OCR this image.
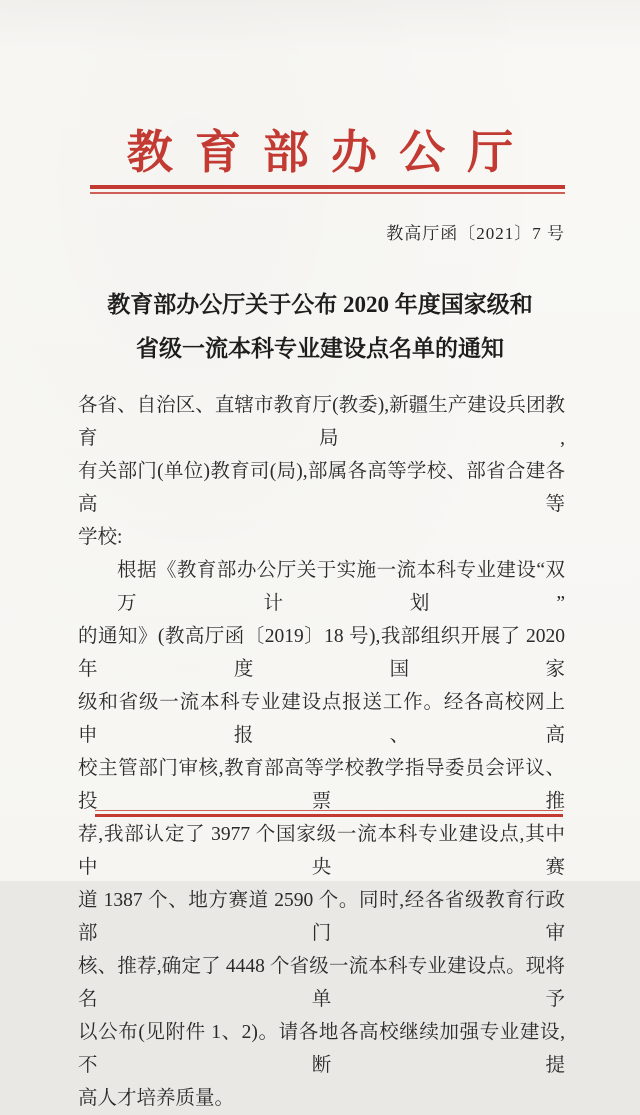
教育部办公厅
教高厅函〔2021〕7 号
教育部办公厅关于公布 2020 年度国家级和
省级一流本科专业建设点名单的通知
各省、自治区、直辖市教育厅(教委),新疆生产建设兵团教育局,
有关部门(单位)教育司(局),部属各高等学校、部省合建各高等
学校:
根据《教育部办公厅关于实施一流本科专业建设“双万计划”
的通知》(教高厅函〔2019〕18 号),我部组织开展了 2020 年度国家
级和省级一流本科专业建设点报送工作。经各高校网上申报、高
校主管部门审核,教育部高等学校教学指导委员会评议、投票推
荐,我部认定了 3977 个国家级一流本科专业建设点,其中中央赛
道 1387 个、地方赛道 2590 个。同时,经各省级教育行政部门审
核、推荐,确定了 4448 个省级一流本科专业建设点。现将名单予
以公布(见附件 1、2)。请各地各高校继续加强专业建设,不断提
高人才培养质量。
